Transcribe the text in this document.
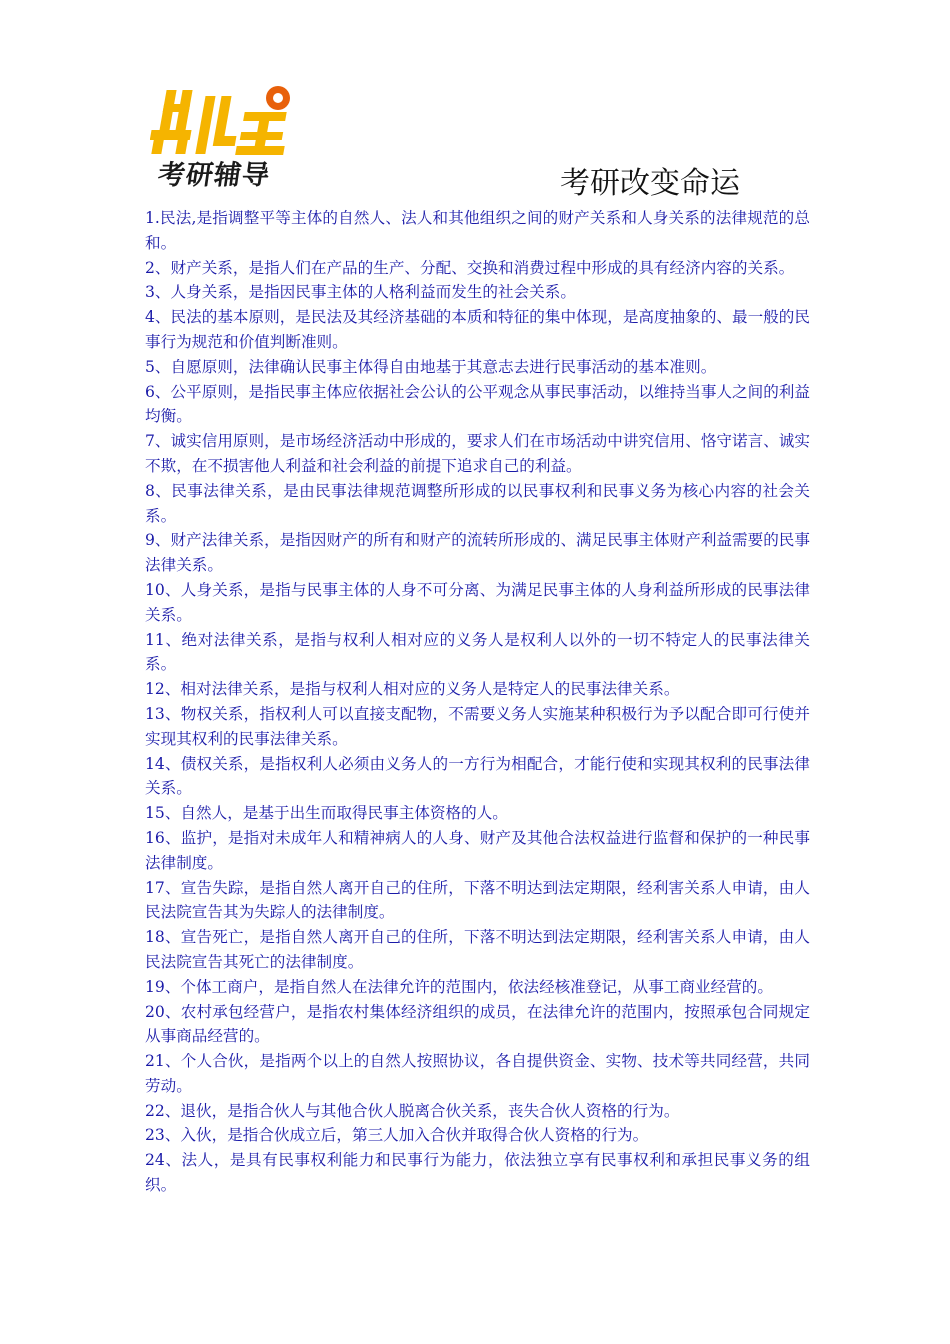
考研辅导	考研改变命运

1.民法,是指调整平等主体的自然人、法人和其他组织之间的财产关系和人身关系的法律规范的总和。

2、财产关系，是指人们在产品的生产、分配、交换和消费过程中形成的具有经济内容的关系。

3、人身关系，是指因民事主体的人格利益而发生的社会关系。

4、民法的基本原则，是民法及其经济基础的本质和特征的集中体现，是高度抽象的、最一般的民事行为规范和价值判断准则。

5、自愿原则，法律确认民事主体得自由地基于其意志去进行民事活动的基本准则。

6、公平原则，是指民事主体应依据社会公认的公平观念从事民事活动，以维持当事人之间的利益均衡。

7、诚实信用原则，是市场经济活动中形成的，要求人们在市场活动中讲究信用、恪守诺言、诚实不欺，在不损害他人利益和社会利益的前提下追求自己的利益。

8、民事法律关系，是由民事法律规范调整所形成的以民事权利和民事义务为核心内容的社会关系。

9、财产法律关系，是指因财产的所有和财产的流转所形成的、满足民事主体财产利益需要的民事法律关系。

10、人身关系，是指与民事主体的人身不可分离、为满足民事主体的人身利益所形成的民事法律关系。

11、绝对法律关系，是指与权利人相对应的义务人是权利人以外的一切不特定人的民事法律关系。

12、相对法律关系，是指与权利人相对应的义务人是特定人的民事法律关系。

13、物权关系，指权利人可以直接支配物，不需要义务人实施某种积极行为予以配合即可行使并实现其权利的民事法律关系。

14、债权关系，是指权利人必须由义务人的一方行为相配合，才能行使和实现其权利的民事法律关系。

15、自然人，是基于出生而取得民事主体资格的人。

16、监护，是指对未成年人和精神病人的人身、财产及其他合法权益进行监督和保护的一种民事法律制度。

17、宣告失踪，是指自然人离开自己的住所，下落不明达到法定期限，经利害关系人申请，由人民法院宣告其为失踪人的法律制度。

18、宣告死亡，是指自然人离开自己的住所，下落不明达到法定期限，经利害关系人申请，由人民法院宣告其死亡的法律制度。

19、个体工商户，是指自然人在法律允许的范围内，依法经核准登记，从事工商业经营的。

20、农村承包经营户，是指农村集体经济组织的成员，在法律允许的范围内，按照承包合同规定从事商品经营的。

21、个人合伙，是指两个以上的自然人按照协议，各自提供资金、实物、技术等共同经营，共同劳动。

22、退伙，是指合伙人与其他合伙人脱离合伙关系，丧失合伙人资格的行为。

23、入伙，是指合伙成立后，第三人加入合伙并取得合伙人资格的行为。

24、法人，是具有民事权利能力和民事行为能力，依法独立享有民事权利和承担民事义务的组织。
